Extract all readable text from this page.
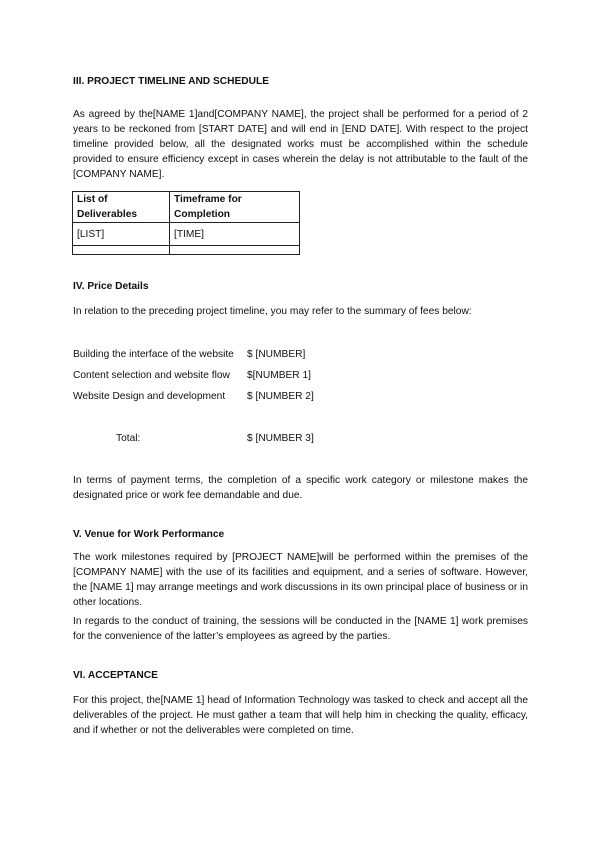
III. PROJECT TIMELINE AND SCHEDULE
As agreed by the[NAME 1]and[COMPANY NAME], the project shall be performed for a period of 2
years to be reckoned from [START DATE] and will end in [END DATE]. With respect to the project
timeline provided below, all the designated works must be accomplished within the schedule
provided to ensure efficiency except in cases wherein the delay is not attributable to the fault of the
[COMPANY NAME].
List of Deliverables	Timeframe for Completion
[LIST]	[TIME]

IV. Price Details
In relation to the preceding project timeline, you may refer to the summary of fees below:
Building the interface of the website $ [NUMBER]
Content selection and website flow $[NUMBER 1]
Website Design and development $ [NUMBER 2]
Total:	$ [NUMBER 3]
In terms of payment terms, the completion of a specific work category or milestone makes the
designated price or work fee demandable and due.
V. Venue for Work Performance
The work milestones required by [PROJECT NAME]will be performed within the premises of the
[COMPANY NAME] with the use of its facilities and equipment, and a series of software. However,
the [NAME 1] may arrange meetings and work discussions in its own principal place of business or in
other locations.
In regards to the conduct of training, the sessions will be conducted in the [NAME 1] work premises
for the convenience of the latter’s employees as agreed by the parties.
VI. ACCEPTANCE
For this project, the[NAME 1] head of Information Technology was tasked to check and accept all the
deliverables of the project. He must gather a team that will help him in checking the quality, efficacy,
and if whether or not the deliverables were completed on time.
